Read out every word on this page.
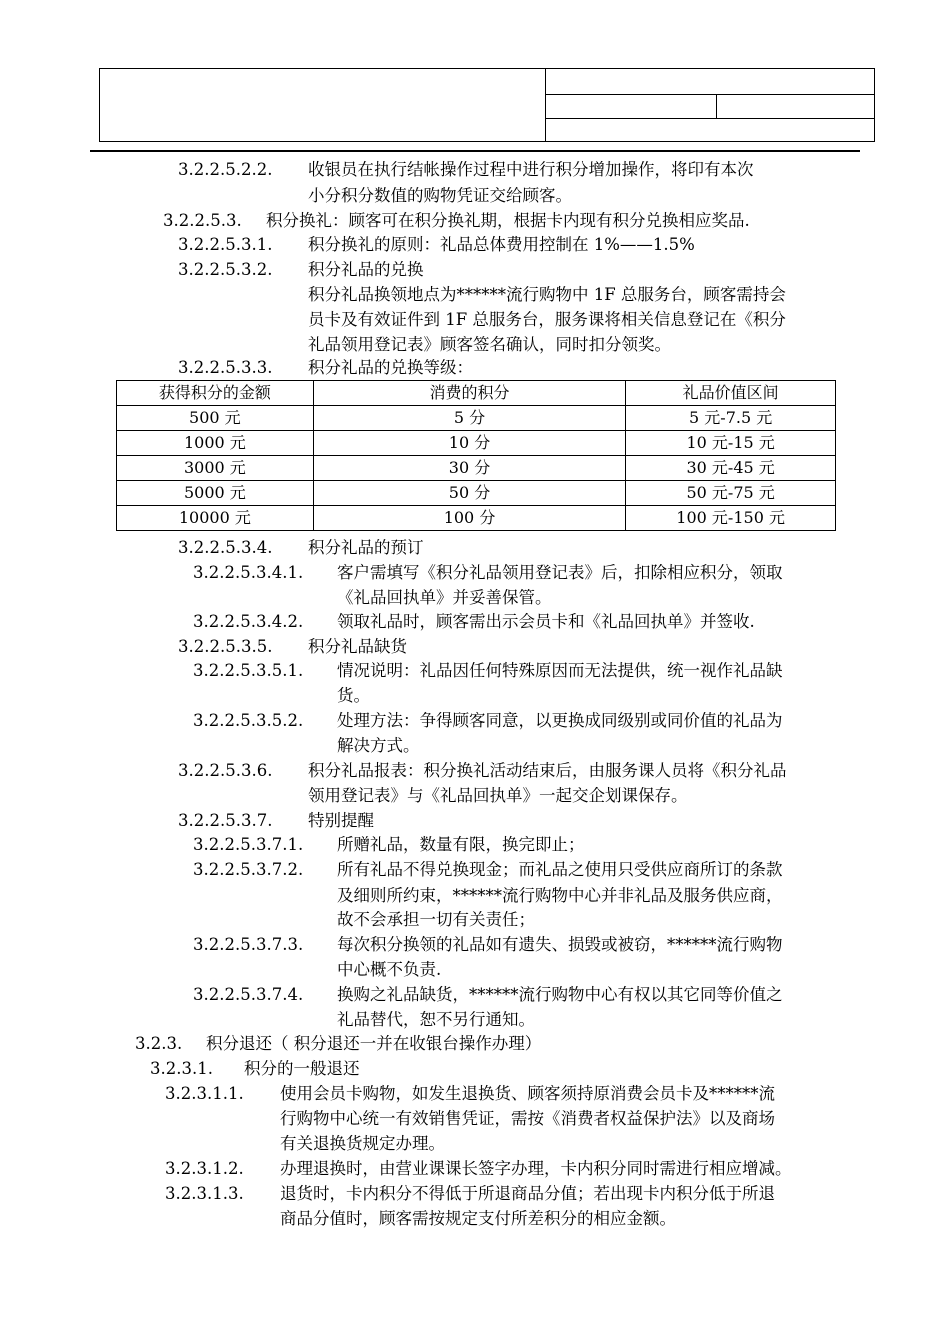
3.2.2.5.2.2. 收银员在执行结帐操作过程中进行积分增加操作，将印有本次
小分积分数值的购物凭证交给顾客。
3.2.2.5.3. 积分换礼：顾客可在积分换礼期，根据卡内现有积分兑换相应奖品.
3.2.2.5.3.1. 积分换礼的原则：礼品总体费用控制在 1%——1.5%
3.2.2.5.3.2. 积分礼品的兑换
积分礼品换领地点为******流行购物中 1F 总服务台，顾客需持会
员卡及有效证件到 1F 总服务台，服务课将相关信息登记在《积分
礼品领用登记表》顾客签名确认，同时扣分领奖。
3.2.2.5.3.3. 积分礼品的兑换等级：
3.2.2.5.3.4. 积分礼品的预订
3.2.2.5.3.4.1. 客户需填写《积分礼品领用登记表》后，扣除相应积分，领取
《礼品回执单》并妥善保管。
3.2.2.5.3.4.2. 领取礼品时，顾客需出示会员卡和《礼品回执单》并签收.
3.2.2.5.3.5. 积分礼品缺货
3.2.2.5.3.5.1. 情况说明：礼品因任何特殊原因而无法提供，统一视作礼品缺
货。
3.2.2.5.3.5.2. 处理方法：争得顾客同意，以更换成同级别或同价值的礼品为
解决方式。
3.2.2.5.3.6. 积分礼品报表：积分换礼活动结束后，由服务课人员将《积分礼品
领用登记表》与《礼品回执单》一起交企划课保存。
3.2.2.5.3.7. 特别提醒
3.2.2.5.3.7.1. 所赠礼品，数量有限，换完即止；
3.2.2.5.3.7.2. 所有礼品不得兑换现金；而礼品之使用只受供应商所订的条款
及细则所约束，******流行购物中心并非礼品及服务供应商，
故不会承担一切有关责任；
3.2.2.5.3.7.3. 每次积分换领的礼品如有遗失、损毁或被窃，******流行购物
中心概不负责.
3.2.2.5.3.7.4. 换购之礼品缺货，******流行购物中心有权以其它同等价值之
礼品替代，恕不另行通知。
3.2.3. 积分退还（ 积分退还一并在收银台操作办理）
3.2.3.1. 积分的一般退还
3.2.3.1.1. 使用会员卡购物，如发生退换货、顾客须持原消费会员卡及******流
行购物中心统一有效销售凭证，需按《消费者权益保护法》以及商场
有关退换货规定办理。
3.2.3.1.2. 办理退换时，由营业课课长签字办理，卡内积分同时需进行相应增减。
3.2.3.1.3. 退货时，卡内积分不得低于所退商品分值；若出现卡内积分低于所退
商品分值时，顾客需按规定支付所差积分的相应金额。
获得积分的金额	消费的积分	礼品价值区间
500 元	5 分	5 元-7.5 元
1000 元	10 分	10 元-15 元
3000 元	30 分	30 元-45 元
5000 元	50 分	50 元-75 元
10000 元	100 分	100 元-150 元
